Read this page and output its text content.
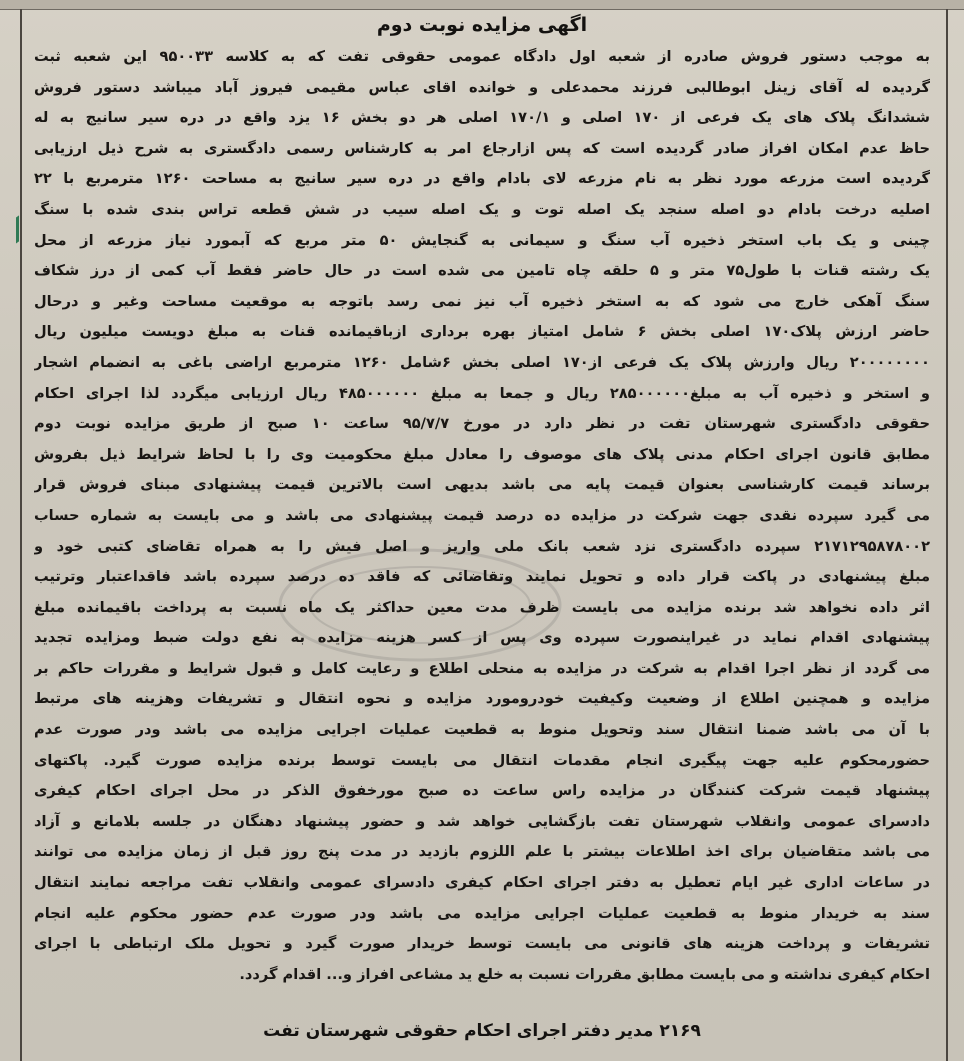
اگهی مزایده نوبت دوم
به موجب دستور فروش صادره از شعبه اول دادگاه عمومی حقوقی تفت که به کلاسه ۹۵۰۰۳۳ این شعبه ثبت
گردیده له آقای زینل ابوطالبی فرزند محمدعلی و خوانده اقای عباس مقیمی فیروز آباد میباشد دستور فروش
ششدانگ پلاک های یک فرعی از ۱۷۰ اصلی و ۱۷۰/۱ اصلی هر دو بخش ۱۶ یزد واقع در دره سیر سانیج به له
حاظ عدم امکان افراز صادر گردیده است که پس ازارجاع امر به کارشناس رسمی دادگستری به شرح ذیل ارزیابی
گردیده است مزرعه مورد نظر به نام مزرعه لای بادام واقع در دره سیر سانیج به مساحت ۱۲۶۰ مترمربع با ۲۲
اصلیه درخت بادام دو اصله سنجد یک اصله توت و یک اصله سیب در شش قطعه تراس بندی شده با سنگ
چینی و یک باب استخر ذخیره آب سنگ و سیمانی به گنجایش ۵۰ متر مربع که آبمورد نیاز مزرعه از محل
یک رشته قنات با طول۷۵ متر و ۵ حلقه چاه تامین می شده است در حال حاضر فقط آب کمی از درز شکاف
سنگ آهکی خارج می شود که به استخر ذخیره آب نیز نمی رسد باتوجه به موقعیت مساحت وغیر و درحال
حاضر ارزش پلاک۱۷۰ اصلی بخش ۶ شامل امتیاز بهره برداری ازباقیمانده قنات به مبلغ دویست میلیون ریال
۲۰۰۰۰۰۰۰۰ ریال وارزش پلاک یک فرعی از۱۷۰ اصلی بخش ۶شامل ۱۲۶۰ مترمربع اراضی باغی به انضمام اشجار
و استخر و ذخیره آب به مبلغ۲۸۵۰۰۰۰۰۰ ریال و جمعا به مبلغ ۴۸۵۰۰۰۰۰۰ ریال ارزیابی میگردد لذا اجرای احکام
حقوقی دادگستری شهرستان تفت در نظر دارد در مورخ ۹۵/۷/۷ ساعت ۱۰ صبح از طریق مزایده نوبت دوم
مطابق قانون اجرای احکام مدنی پلاک های موصوف را معادل مبلغ محکومیت وی را با لحاظ شرایط ذیل بفروش
برساند قیمت کارشناسی بعنوان قیمت پایه می باشد بدیهی است بالاترین قیمت پیشنهادی مبنای فروش قرار
می گیرد سپرده نقدی جهت شرکت در مزایده ده درصد قیمت پیشنهادی می باشد و می بایست به شماره حساب
۲۱۷۱۲۹۵۸۷۸۰۰۲ سپرده دادگستری نزد شعب بانک ملی واریز و اصل فیش را به همراه تقاضای کتبی خود و
مبلغ پیشنهادی در پاکت قرار داده و تحویل نمایند وتقاضائی که فاقد ده درصد سپرده باشد فاقداعتبار وترتیب
اثر داده نخواهد شد برنده مزایده می بایست ظرف مدت معین حداکثر یک ماه نسبت به پرداخت باقیمانده مبلغ
پیشنهادی اقدام نماید در غیراینصورت سپرده وی پس از کسر هزینه مزایده به نفع دولت ضبط ومزایده تجدید
می گردد از نظر اجرا اقدام به شرکت در مزایده به منحلی اطلاع و رعایت کامل و قبول شرایط و مقررات حاکم بر
مزایده و همچنین اطلاع از وضعیت وکیفیت خودرومورد مزایده و نحوه انتقال و تشریفات وهزینه های مرتبط
با آن می باشد ضمنا انتقال سند وتحویل منوط به قطعیت عملیات اجرایی مزایده می باشد ودر صورت عدم
حضورمحکوم علیه جهت پیگیری انجام مقدمات انتقال می بایست توسط برنده مزایده صورت گیرد. پاکتهای
پیشنهاد قیمت شرکت کنندگان در مزایده راس ساعت ده صبح مورخفوق الذکر در محل اجرای احکام کیفری
دادسرای عمومی وانقلاب شهرستان تفت بازگشایی خواهد شد و حضور پیشنهاد دهنگان در جلسه بلامانع و آزاد
می باشد متقاضیان برای اخذ اطلاعات بیشتر با علم اللزوم بازدید در مدت پنج روز قبل از زمان مزایده می توانند
در ساعات اداری غیر ایام تعطیل به دفتر اجرای احکام کیفری دادسرای عمومی وانقلاب تفت مراجعه نمایند انتقال
سند به خریدار منوط به قطعیت عملیات اجرایی مزایده می باشد ودر صورت عدم حضور محکوم علیه انجام
تشریفات و پرداخت هزینه های قانونی می بایست توسط خریدار صورت گیرد و تحویل ملک ارتباطی با اجرای
احکام کیفری نداشته و می بایست مطابق مقررات نسبت به خلع ید مشاعی افراز و... اقدام گردد.
۲۱۶۹ مدیر دفتر اجرای احکام حقوقی شهرستان تفت
